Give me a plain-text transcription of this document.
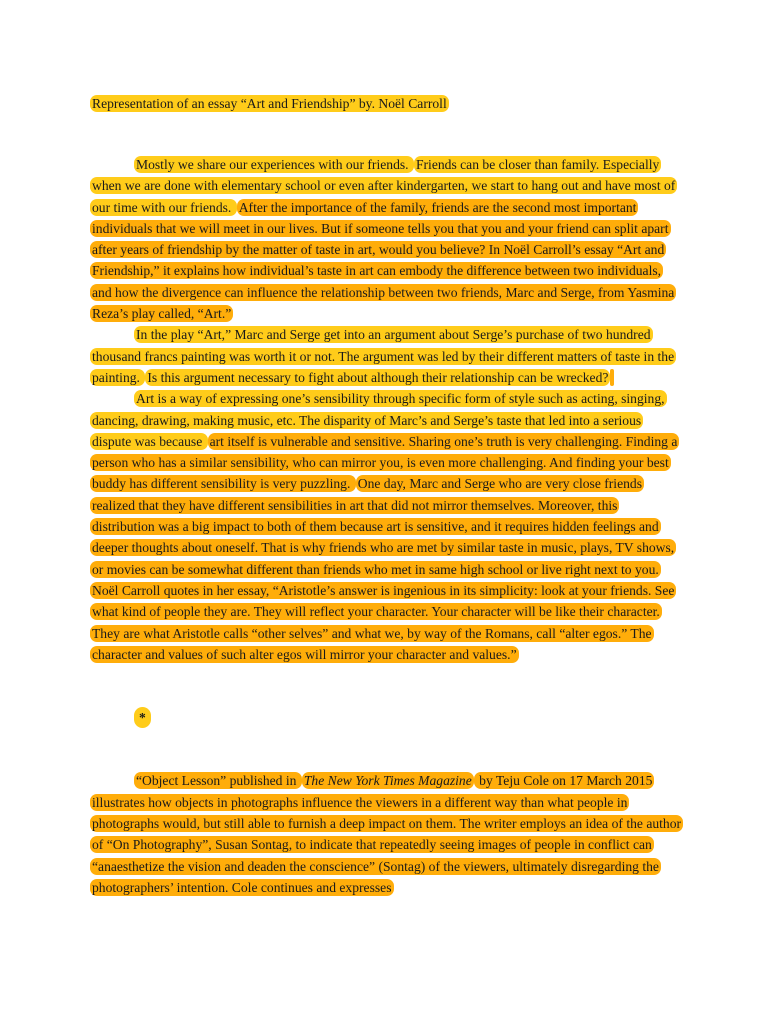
Representation of an essay “Art and Friendship” by. Noël Carroll

Mostly we share our experiences with our friends. Friends can be closer than family. Especially when we are done with elementary school or even after kindergarten, we start to hang out and have most of our time with our friends. After the importance of the family, friends are the second most important individuals that we will meet in our lives. But if someone tells you that you and your friend can split apart after years of friendship by the matter of taste in art, would you believe? In Noël Carroll’s essay “Art and Friendship,” it explains how individual’s taste in art can embody the difference between two individuals, and how the divergence can influence the relationship between two friends, Marc and Serge, from Yasmina Reza’s play called, “Art.”

In the play “Art,” Marc and Serge get into an argument about Serge’s purchase of two hundred thousand francs painting was worth it or not. The argument was led by their different matters of taste in the painting. Is this argument necessary to fight about although their relationship can be wrecked?

Art is a way of expressing one’s sensibility through specific form of style such as acting, singing, dancing, drawing, making music, etc. The disparity of Marc’s and Serge’s taste that led into a serious dispute was because art itself is vulnerable and sensitive. Sharing one’s truth is very challenging. Finding a person who has a similar sensibility, who can mirror you, is even more challenging. And finding your best buddy has different sensibility is very puzzling. One day, Marc and Serge who are very close friends realized that they have different sensibilities in art that did not mirror themselves. Moreover, this distribution was a big impact to both of them because art is sensitive, and it requires hidden feelings and deeper thoughts about oneself. That is why friends who are met by similar taste in music, plays, TV shows, or movies can be somewhat different than friends who met in same high school or live right next to you. Noël Carroll quotes in her essay, “Aristotle’s answer is ingenious in its simplicity: look at your friends. See what kind of people they are. They will reflect your character. Your character will be like their character. They are what Aristotle calls “other selves” and what we, by way of the Romans, call “alter egos.” The character and values of such alter egos will mirror your character and values.”

*

“Object Lesson” published in The New York Times Magazine by Teju Cole on 17 March 2015 illustrates how objects in photographs influence the viewers in a different way than what people in photographs would, but still able to furnish a deep impact on them. The writer employs an idea of the author of “On Photography”, Susan Sontag, to indicate that repeatedly seeing images of people in conflict can “anaesthetize the vision and deaden the conscience” (Sontag) of the viewers, ultimately disregarding the photographers’ intention. Cole continues and expresses
